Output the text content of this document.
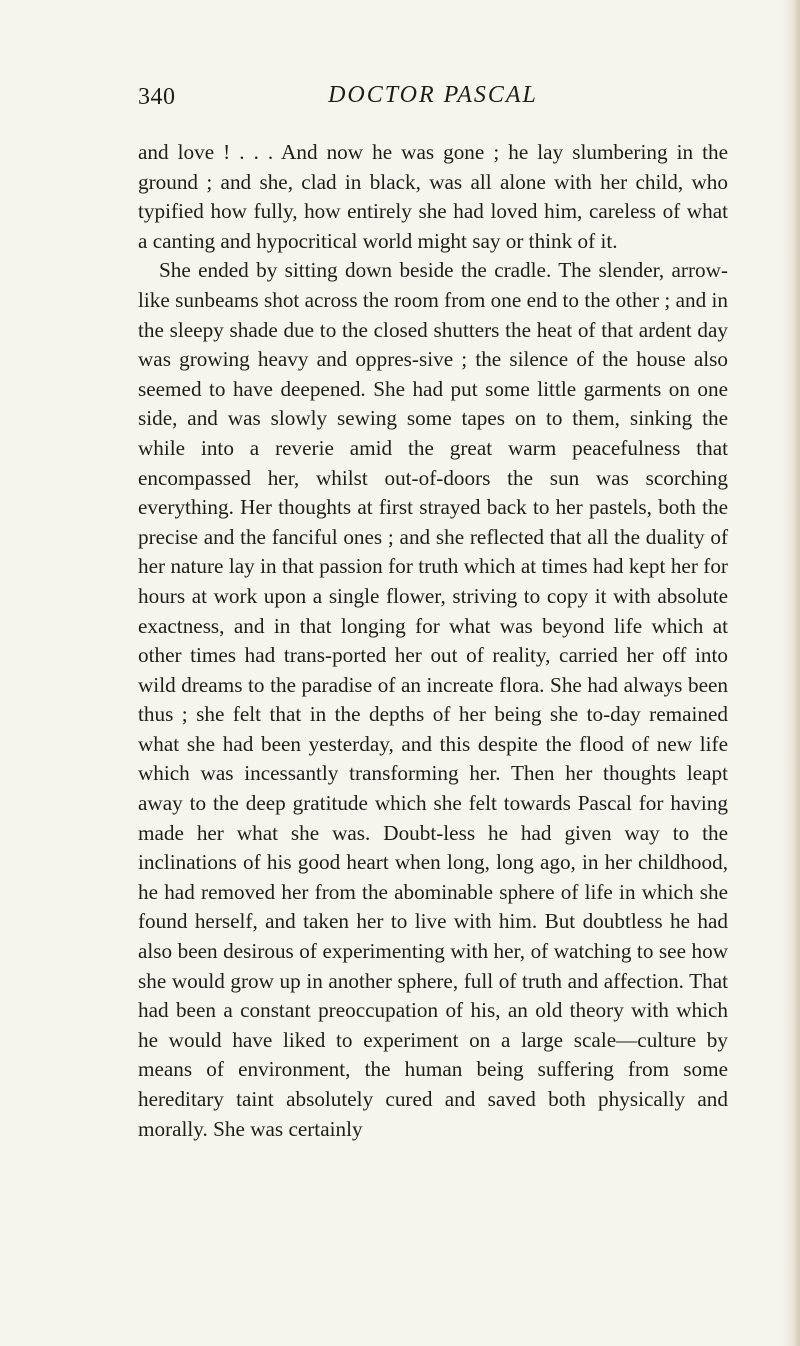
340	DOCTOR PASCAL

and love ! . . . And now he was gone ; he lay slumbering in the ground ; and she, clad in black, was all alone with her child, who typified how fully, how entirely she had loved him, careless of what a canting and hypocritical world might say or think of it.

She ended by sitting down beside the cradle. The slender, arrow-like sunbeams shot across the room from one end to the other ; and in the sleepy shade due to the closed shutters the heat of that ardent day was growing heavy and oppres-sive ; the silence of the house also seemed to have deepened. She had put some little garments on one side, and was slowly sewing some tapes on to them, sinking the while into a reverie amid the great warm peacefulness that encompassed her, whilst out-of-doors the sun was scorching everything. Her thoughts at first strayed back to her pastels, both the precise and the fanciful ones ; and she reflected that all the duality of her nature lay in that passion for truth which at times had kept her for hours at work upon a single flower, striving to copy it with absolute exactness, and in that longing for what was beyond life which at other times had trans-ported her out of reality, carried her off into wild dreams to the paradise of an increate flora. She had always been thus ; she felt that in the depths of her being she to-day remained what she had been yesterday, and this despite the flood of new life which was incessantly transforming her. Then her thoughts leapt away to the deep gratitude which she felt towards Pascal for having made her what she was. Doubt-less he had given way to the inclinations of his good heart when long, long ago, in her childhood, he had removed her from the abominable sphere of life in which she found herself, and taken her to live with him. But doubtless he had also been desirous of experimenting with her, of watching to see how she would grow up in another sphere, full of truth and affection. That had been a constant preoccupation of his, an old theory with which he would have liked to experiment on a large scale—culture by means of environment, the human being suffering from some hereditary taint absolutely cured and saved both physically and morally. She was certainly
